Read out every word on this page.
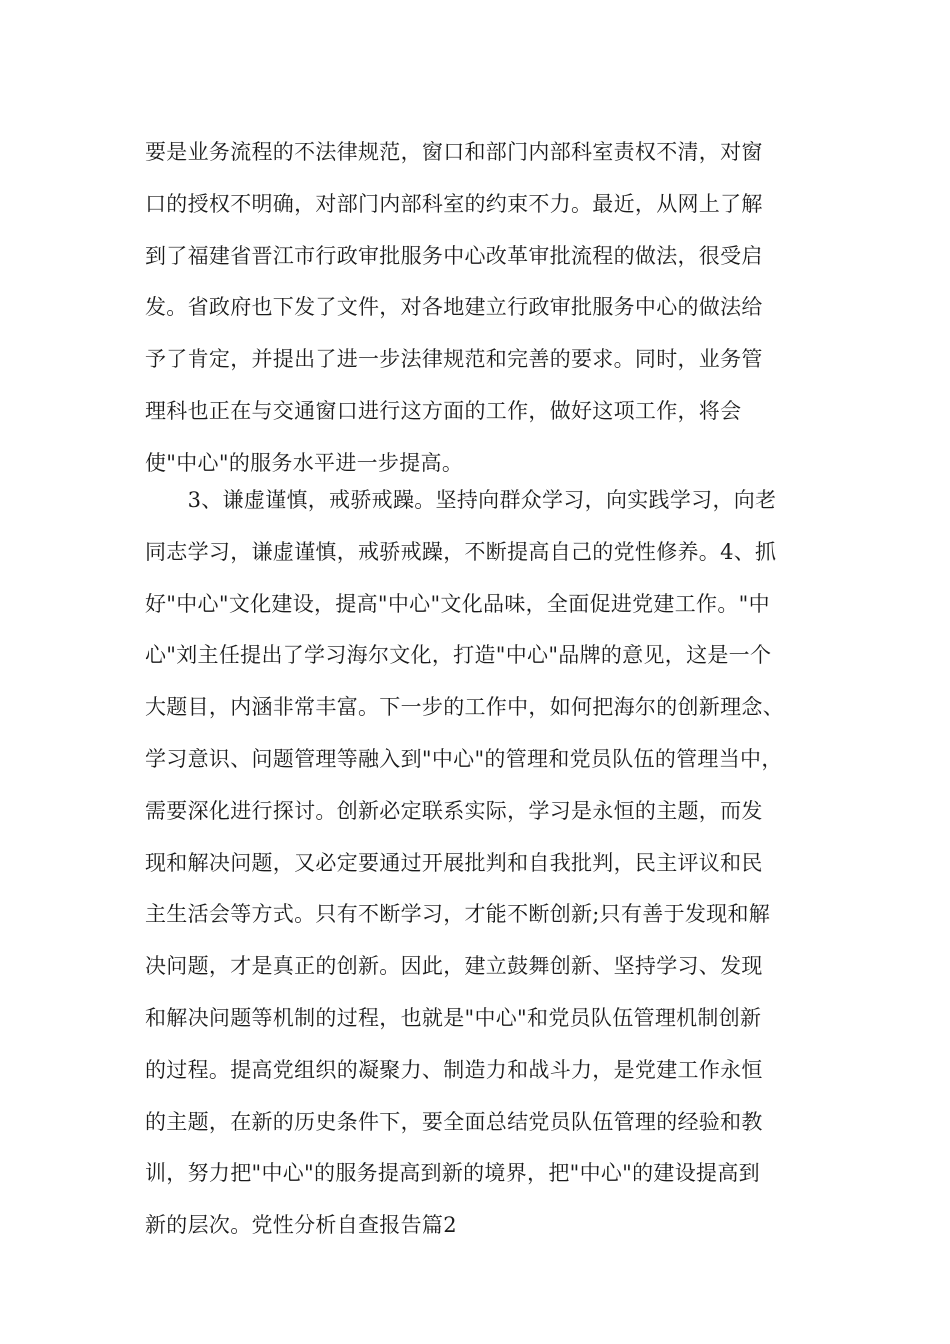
要是业务流程的不法律规范，窗口和部门内部科室责权不清，对窗
口的授权不明确，对部门内部科室的约束不力。最近，从网上了解
到了福建省晋江市行政审批服务中心改革审批流程的做法，很受启
发。省政府也下发了文件，对各地建立行政审批服务中心的做法给
予了肯定，并提出了进一步法律规范和完善的要求。同时，业务管
理科也正在与交通窗口进行这方面的工作，做好这项工作，将会
使"中心"的服务水平进一步提高。
　　3、谦虚谨慎，戒骄戒躁。坚持向群众学习，向实践学习，向老
同志学习，谦虚谨慎，戒骄戒躁，不断提高自己的党性修养。4、抓
好"中心"文化建设，提高"中心"文化品味，全面促进党建工作。"中
心"刘主任提出了学习海尔文化，打造"中心"品牌的意见，这是一个
大题目，内涵非常丰富。下一步的工作中，如何把海尔的创新理念、
学习意识、问题管理等融入到"中心"的管理和党员队伍的管理当中，
需要深化进行探讨。创新必定联系实际，学习是永恒的主题，而发
现和解决问题，又必定要通过开展批判和自我批判，民主评议和民
主生活会等方式。只有不断学习，才能不断创新;只有善于发现和解
决问题，才是真正的创新。因此，建立鼓舞创新、坚持学习、发现
和解决问题等机制的过程，也就是"中心"和党员队伍管理机制创新
的过程。提高党组织的凝聚力、制造力和战斗力，是党建工作永恒
的主题，在新的历史条件下，要全面总结党员队伍管理的经验和教
训，努力把"中心"的服务提高到新的境界，把"中心"的建设提高到
新的层次。党性分析自查报告篇2
